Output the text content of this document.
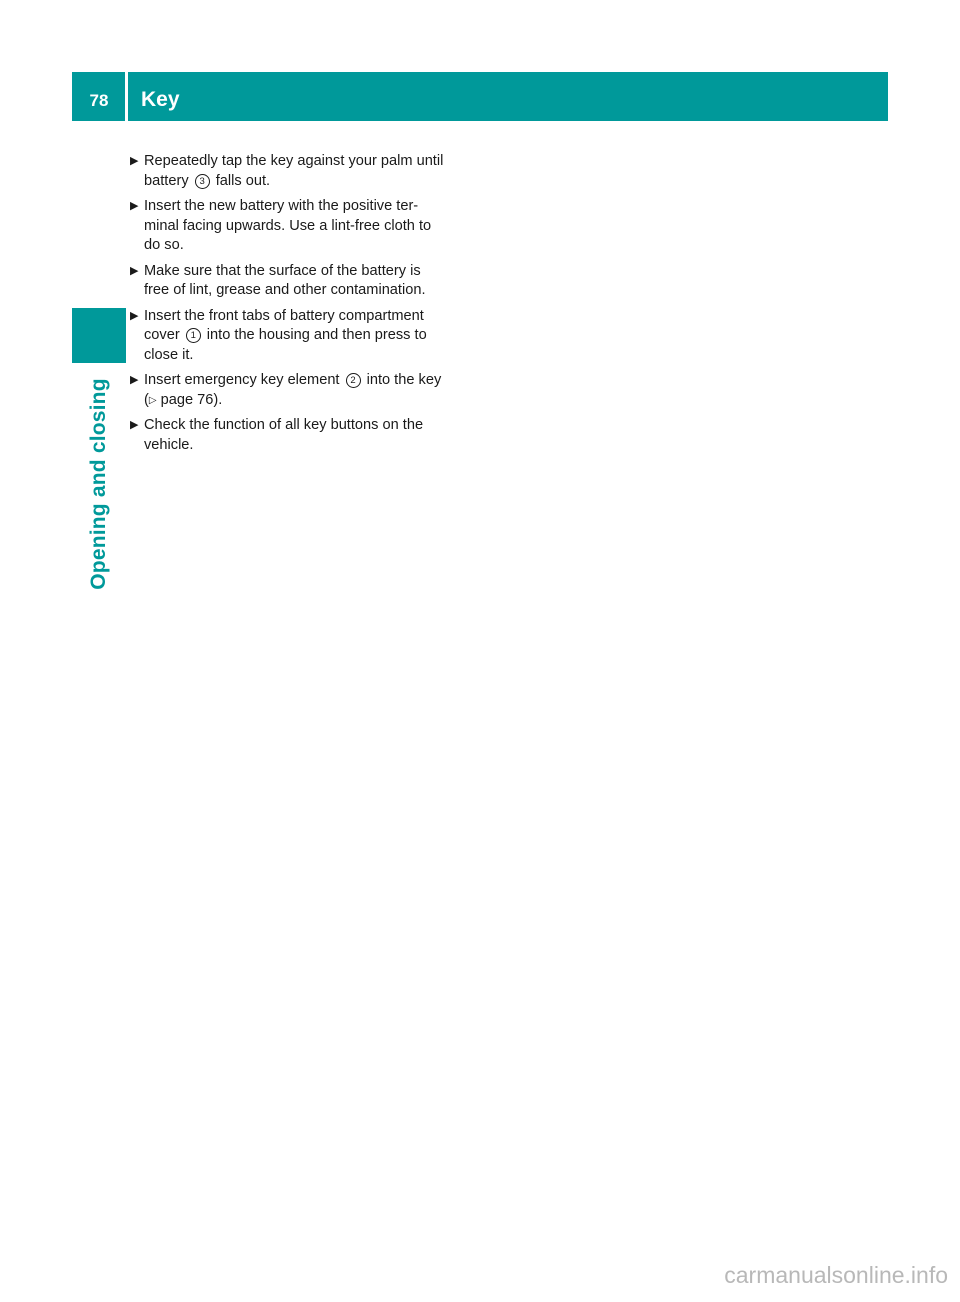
78	Key
Opening and closing
▶ Repeatedly tap the key against your palm until
battery 3 falls out.
▶ Insert the new battery with the positive ter-
minal facing upwards. Use a lint-free cloth to
do so.
▶ Make sure that the surface of the battery is
free of lint, grease and other contamination.
▶ Insert the front tabs of battery compartment
cover 1 into the housing and then press to
close it.
▶ Insert emergency key element 2 into the key
(▷ page 76).
▶ Check the function of all key buttons on the
vehicle.
carmanualsonline.info
